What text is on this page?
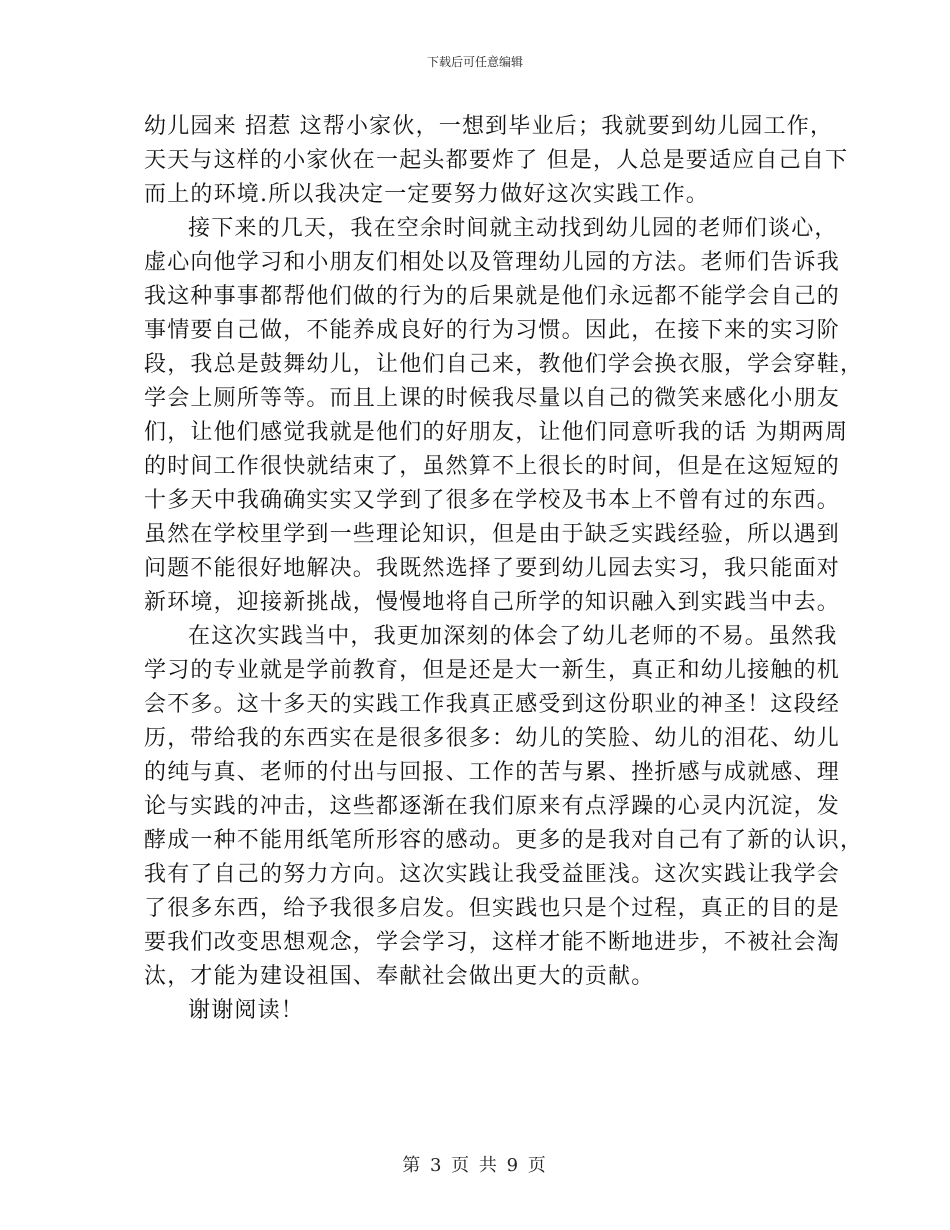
下载后可任意编辑
幼儿园来 招惹 这帮小家伙，一想到毕业后；我就要到幼儿园工作，
天天与这样的小家伙在一起头都要炸了 但是，人总是要适应自己自下
而上的环境.所以我决定一定要努力做好这次实践工作。
接下来的几天，我在空余时间就主动找到幼儿园的老师们谈心，
虚心向他学习和小朋友们相处以及管理幼儿园的方法。老师们告诉我
我这种事事都帮他们做的行为的后果就是他们永远都不能学会自己的
事情要自己做，不能养成良好的行为习惯。因此，在接下来的实习阶
段，我总是鼓舞幼儿，让他们自己来，教他们学会换衣服，学会穿鞋，
学会上厕所等等。而且上课的时候我尽量以自己的微笑来感化小朋友
们，让他们感觉我就是他们的好朋友，让他们同意听我的话 为期两周
的时间工作很快就结束了，虽然算不上很长的时间，但是在这短短的
十多天中我确确实实又学到了很多在学校及书本上不曾有过的东西。
虽然在学校里学到一些理论知识，但是由于缺乏实践经验，所以遇到
问题不能很好地解决。我既然选择了要到幼儿园去实习，我只能面对
新环境，迎接新挑战，慢慢地将自己所学的知识融入到实践当中去。
在这次实践当中，我更加深刻的体会了幼儿老师的不易。虽然我
学习的专业就是学前教育，但是还是大一新生，真正和幼儿接触的机
会不多。这十多天的实践工作我真正感受到这份职业的神圣！这段经
历，带给我的东西实在是很多很多：幼儿的笑脸、幼儿的泪花、幼儿
的纯与真、老师的付出与回报、工作的苦与累、挫折感与成就感、理
论与实践的冲击，这些都逐渐在我们原来有点浮躁的心灵内沉淀，发
酵成一种不能用纸笔所形容的感动。更多的是我对自己有了新的认识，
我有了自己的努力方向。这次实践让我受益匪浅。这次实践让我学会
了很多东西，给予我很多启发。但实践也只是个过程，真正的目的是
要我们改变思想观念，学会学习，这样才能不断地进步，不被社会淘
汰，才能为建设祖国、奉献社会做出更大的贡献。
谢谢阅读！
第 3 页 共 9 页
